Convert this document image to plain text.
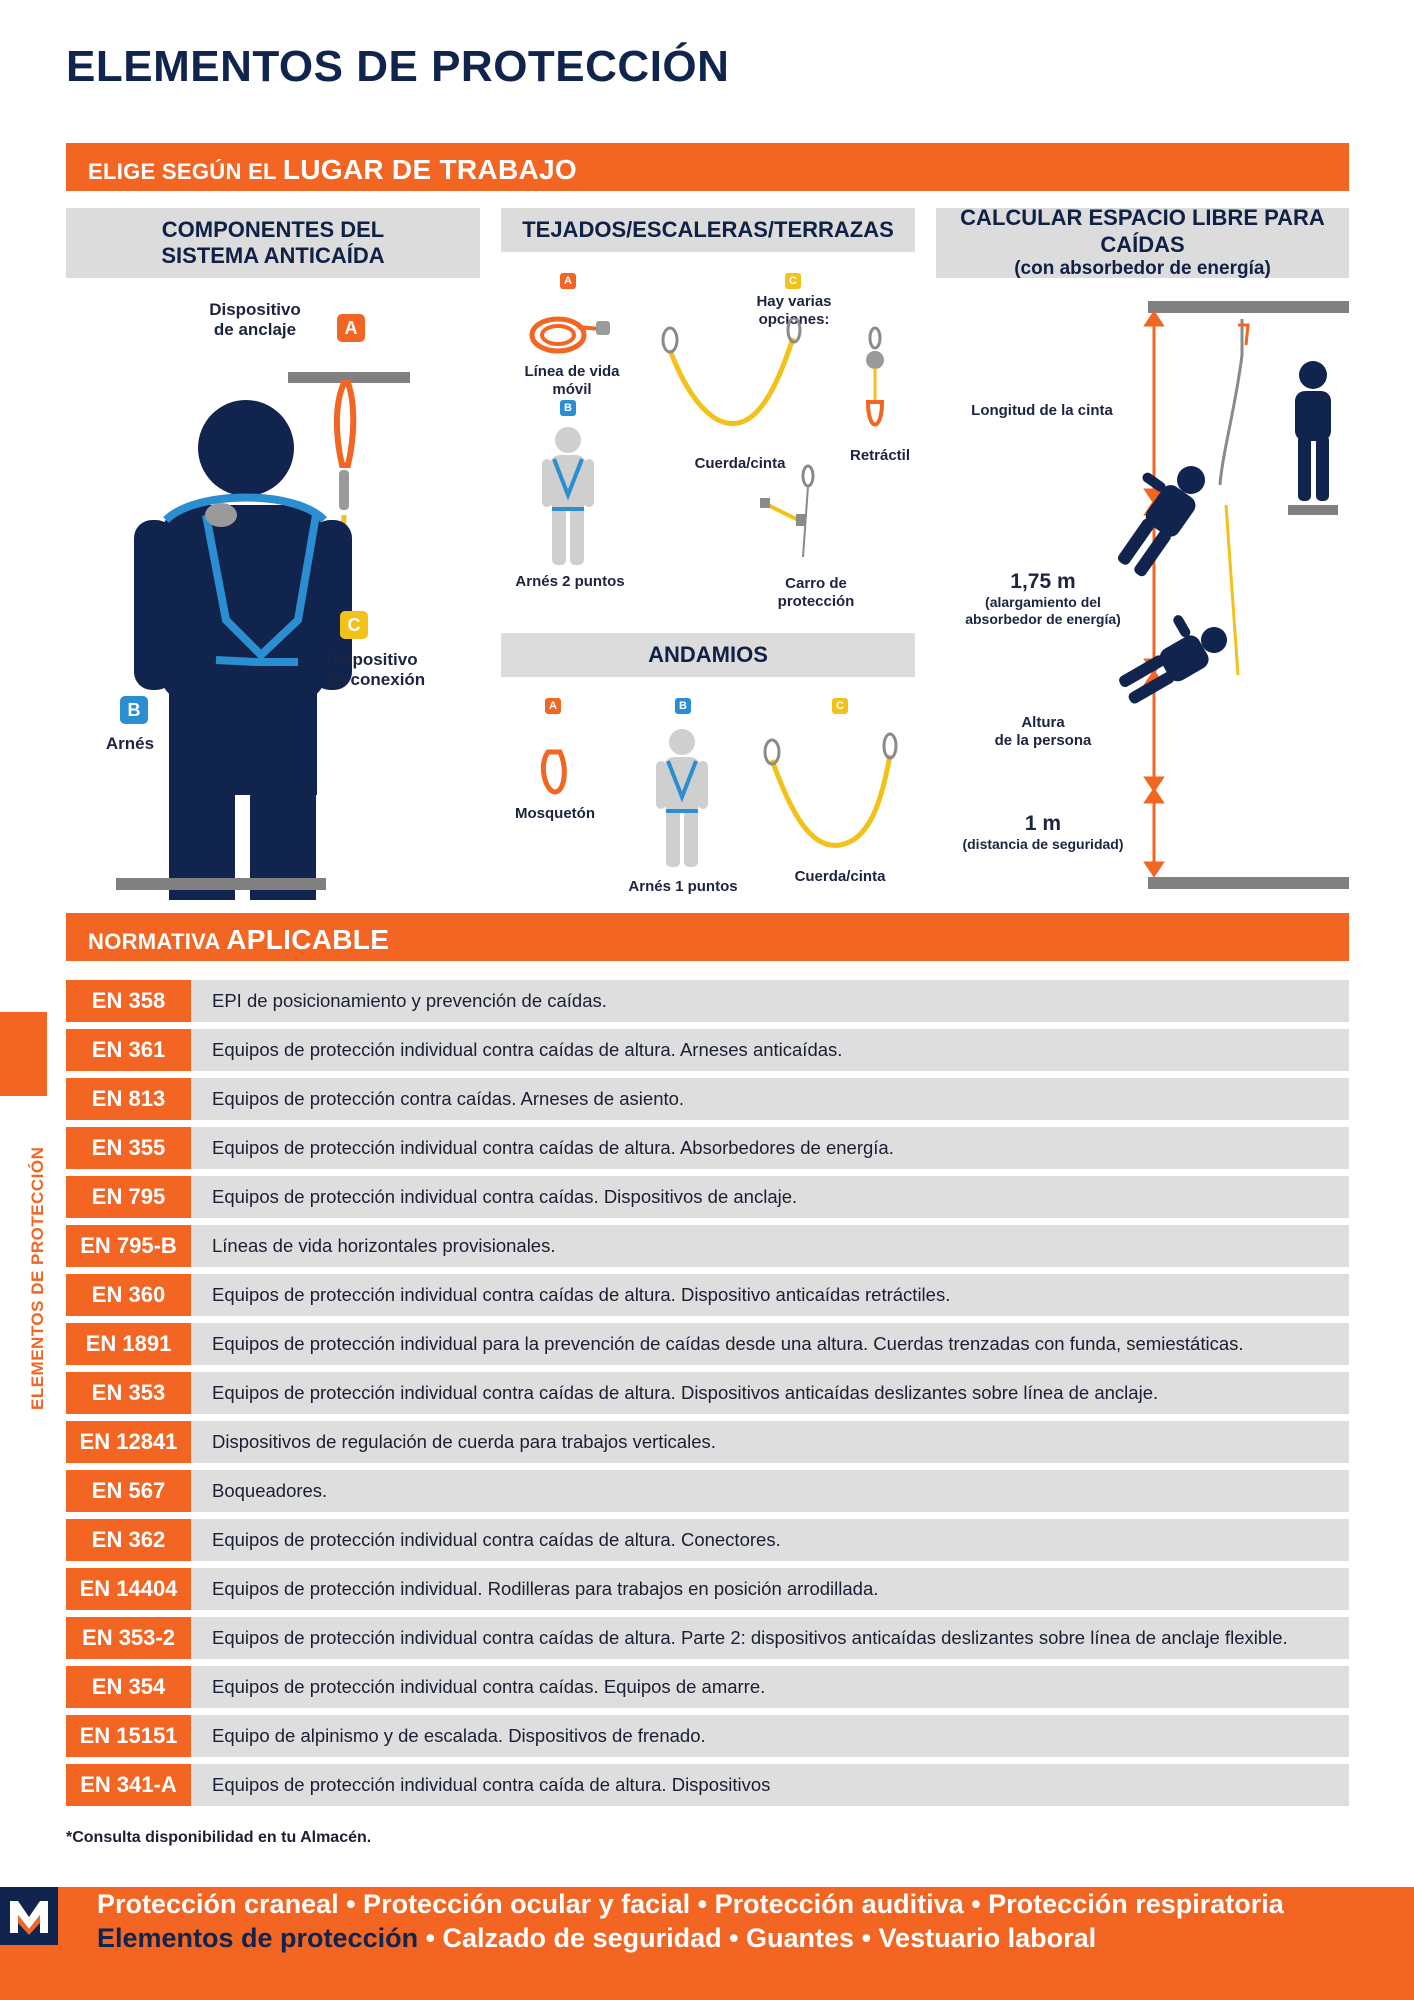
ELEMENTOS DE PROTECCIÓN
ELIGE SEGÚN EL LUGAR DE TRABAJO
COMPONENTES DEL
SISTEMA ANTICAÍDA
TEJADOS/ESCALERAS/TERRAZAS	CALCULAR ESPACIO LIBRE PARA CAÍDAS
(con absorbedor de energía)
Dispositivo
de anclaje	A
C
Dispositivo
de conexión
B
Arnés
A
Línea de vida móvil
C
Hay varias opciones:
Cuerda/cinta	Retráctil
B
Arnés 2 puntos	Carro de protección
ANDAMIOS
A
Mosquetón
B
Arnés 1 puntos
C
Cuerda/cinta
Longitud de la cinta
1,75 m
(alargamiento del
absorbedor de energía)
Altura
de la persona
1 m
(distancia de seguridad)
NORMATIVA APLICABLE
EN 358	EPI de posicionamiento y prevención de caídas.
EN 361	Equipos de protección individual contra caídas de altura. Arneses anticaídas.
EN 813	Equipos de protección contra caídas. Arneses de asiento.
EN 355	Equipos de protección individual contra caídas de altura. Absorbedores de energía.
EN 795	Equipos de protección individual contra caídas. Dispositivos de anclaje.
EN 795-B	Líneas de vida horizontales provisionales.
EN 360	Equipos de protección individual contra caídas de altura. Dispositivo anticaídas retráctiles.
EN 1891	Equipos de protección individual para la prevención de caídas desde una altura. Cuerdas trenzadas con funda, semiestáticas.
EN 353	Equipos de protección individual contra caídas de altura. Dispositivos anticaídas deslizantes sobre línea de anclaje.
EN 12841	Dispositivos de regulación de cuerda para trabajos verticales.
EN 567	Boqueadores.
EN 362	Equipos de protección individual contra caídas de altura. Conectores.
EN 14404	Equipos de protección individual. Rodilleras para trabajos en posición arrodillada.
EN 353-2	Equipos de protección individual contra caídas de altura. Parte 2: dispositivos anticaídas deslizantes sobre línea de anclaje flexible.
EN 354	Equipos de protección individual contra caídas. Equipos de amarre.
EN 15151	Equipo de alpinismo y de escalada. Dispositivos de frenado.
EN 341-A	Equipos de protección individual contra caída de altura. Dispositivos
*Consulta disponibilidad en tu Almacén.
ELEMENTOS DE PROTECCIÓN
Protección craneal • Protección ocular y facial • Protección auditiva • Protección respiratoria
Elementos de protección • Calzado de seguridad • Guantes • Vestuario laboral
